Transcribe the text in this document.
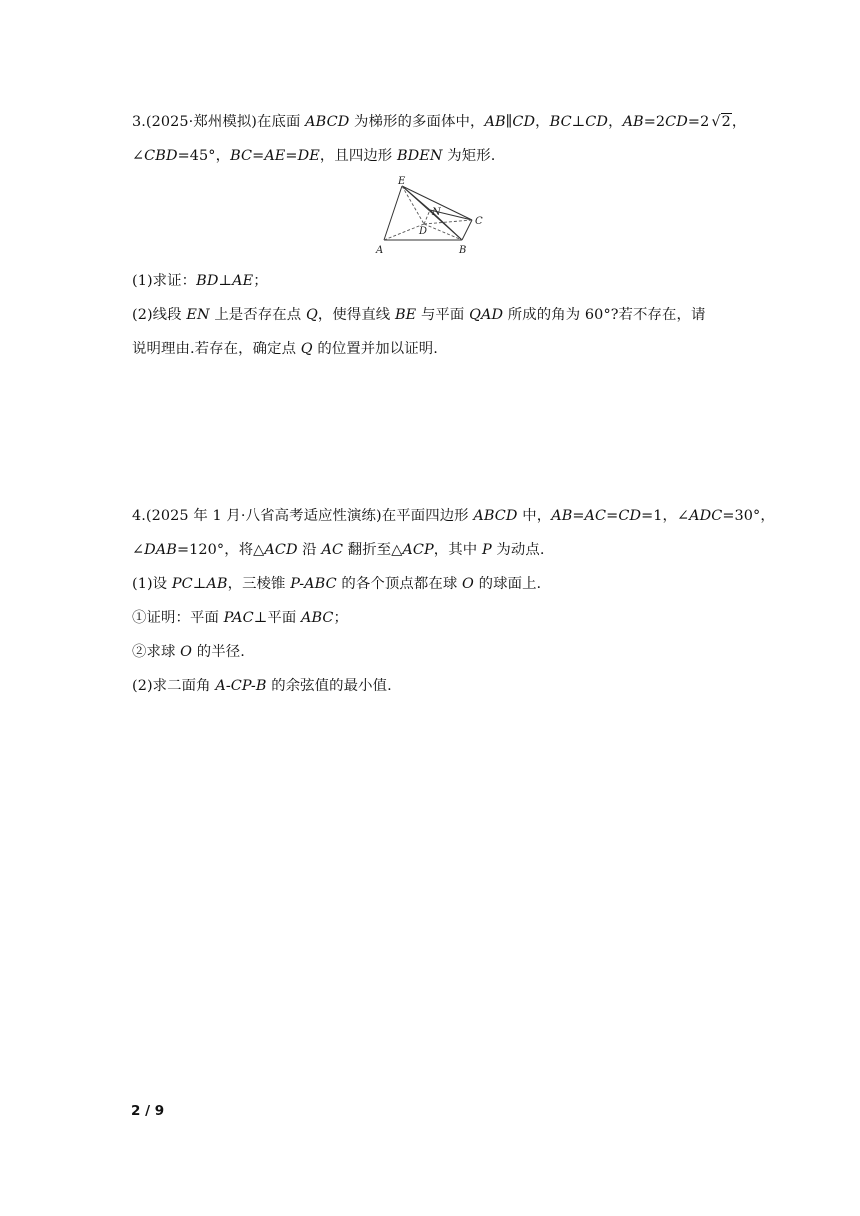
3.(2025·郑州模拟)在底面 ABCD 为梯形的多面体中，AB∥CD，BC⊥CD，AB=2CD=2 √2，
∠CBD=45°，BC=AE=DE，且四边形 BDEN 为矩形.
E
N
C
D
A	B
(1)求证：BD⊥AE；
(2)线段 EN 上是否存在点 Q，使得直线 BE 与平面 QAD 所成的角为 60°?若不存在，请
说明理由.若存在，确定点 Q 的位置并加以证明.
4.(2025 年 1 月·八省高考适应性演练)在平面四边形 ABCD 中，AB=AC=CD=1，∠ADC=30°，
∠DAB=120°，将△ACD 沿 AC 翻折至△ACP，其中 P 为动点.
(1)设 PC⊥AB，三棱锥 P-ABC 的各个顶点都在球 O 的球面上.
①证明：平面 PAC⊥平面 ABC；
②求球 O 的半径.
(2)求二面角 A-CP-B 的余弦值的最小值.
2 / 9
